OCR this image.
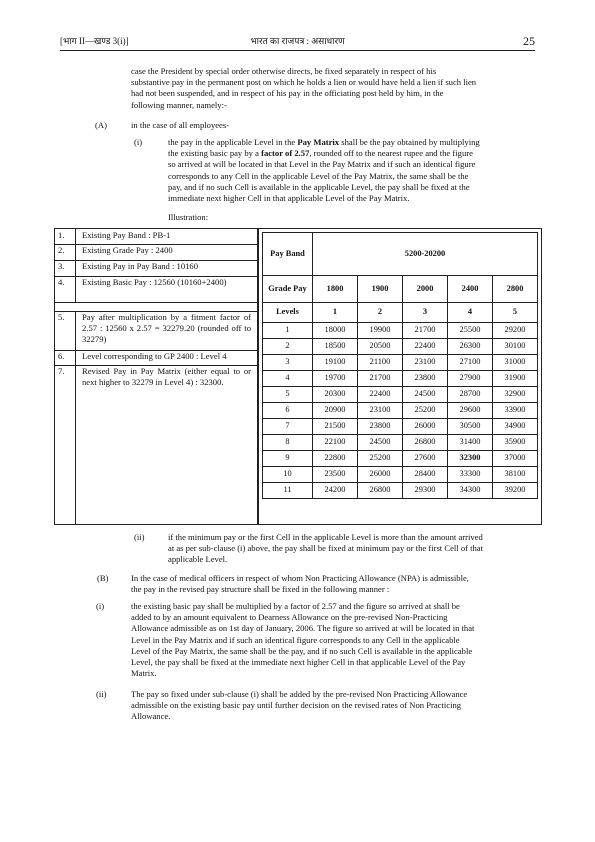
[भाग II—खण्ड 3(i)]	भारत का राजपत्र : असाधारण	25
case the President by special order otherwise directs, be fixed separately in respect of his
substantive pay in the permanent post on which he holds a lien or would have held a lien if such lien
had not been suspended, and in respect of his pay in the officiating post held by him, in the
following manner, namely:-
(A)	in the case of all employees-
(i)	the pay in the applicable Level in the Pay Matrix shall be the pay obtained by multiplying
the existing basic pay by a factor of 2.57, rounded off to the nearest rupee and the figure
so arrived at will be located in that Level in the Pay Matrix and if such an identical figure
corresponds to any Cell in the applicable Level of the Pay Matrix, the same shall be the
pay, and if no such Cell is available in the applicable Level, the pay shall be fixed at the
immediate next higher Cell in that applicable Level of the Pay Matrix.
Illustration:
1.	Existing Pay Band : PB-1
2.	Existing Grade Pay : 2400
3.	Existing Pay in Pay Band : 10160
4.	Existing Basic Pay : 12560 (10160+2400)
5.	Pay after multiplication by a fitment factor of 2.57 : 12560 x 2.57 = 32279.20 (rounded off to 32279)
6.	Level corresponding to GP 2400 : Level 4
7.	Revised Pay in Pay Matrix (either equal to or next higher to 32279 in Level 4) : 32300.
Pay Band	5200-20200				
Grade Pay	1800	1900	2000	2400	2800
Levels	1	2	3	4	5
1	18000	19900	21700	25500	29200
2	18500	20500	22400	26300	30100
3	19100	21100	23100	27100	31000
4	19700	21700	23800	27900	31900
5	20300	22400	24500	28700	32900
6	20900	23100	25200	29600	33900
7	21500	23800	26000	30500	34900
8	22100	24500	26800	31400	35900
9	22800	25200	27600	32300	37000
10	23500	26000	28400	33300	38100
11	24200	26800	29300	34300	39200
(ii)	if the minimum pay or the first Cell in the applicable Level is more than the amount arrived
at as per sub-clause (i) above, the pay shall be fixed at minimum pay or the first Cell of that
applicable Level.
(B)	In the case of medical officers in respect of whom Non Practicing Allowance (NPA) is admissible,
the pay in the revised pay structure shall be fixed in the following manner :
(i)	the existing basic pay shall be multiplied by a factor of 2.57 and the figure so arrived at shall be
added to by an amount equivalent to Dearness Allowance on the pre-revised Non-Practicing
Allowance admissible as on 1st day of January, 2006. The figure so arrived at will be located in that
Level in the Pay Matrix and if such an identical figure corresponds to any Cell in the applicable
Level of the Pay Matrix, the same shall be the pay, and if no such Cell is available in the applicable
Level, the pay shall be fixed at the immediate next higher Cell in that applicable Level of the Pay
Matrix.
(ii)	The pay so fixed under sub-clause (i) shall be added by the pre-revised Non Practicing Allowance
admissible on the existing basic pay until further decision on the revised rates of Non Practicing
Allowance.
